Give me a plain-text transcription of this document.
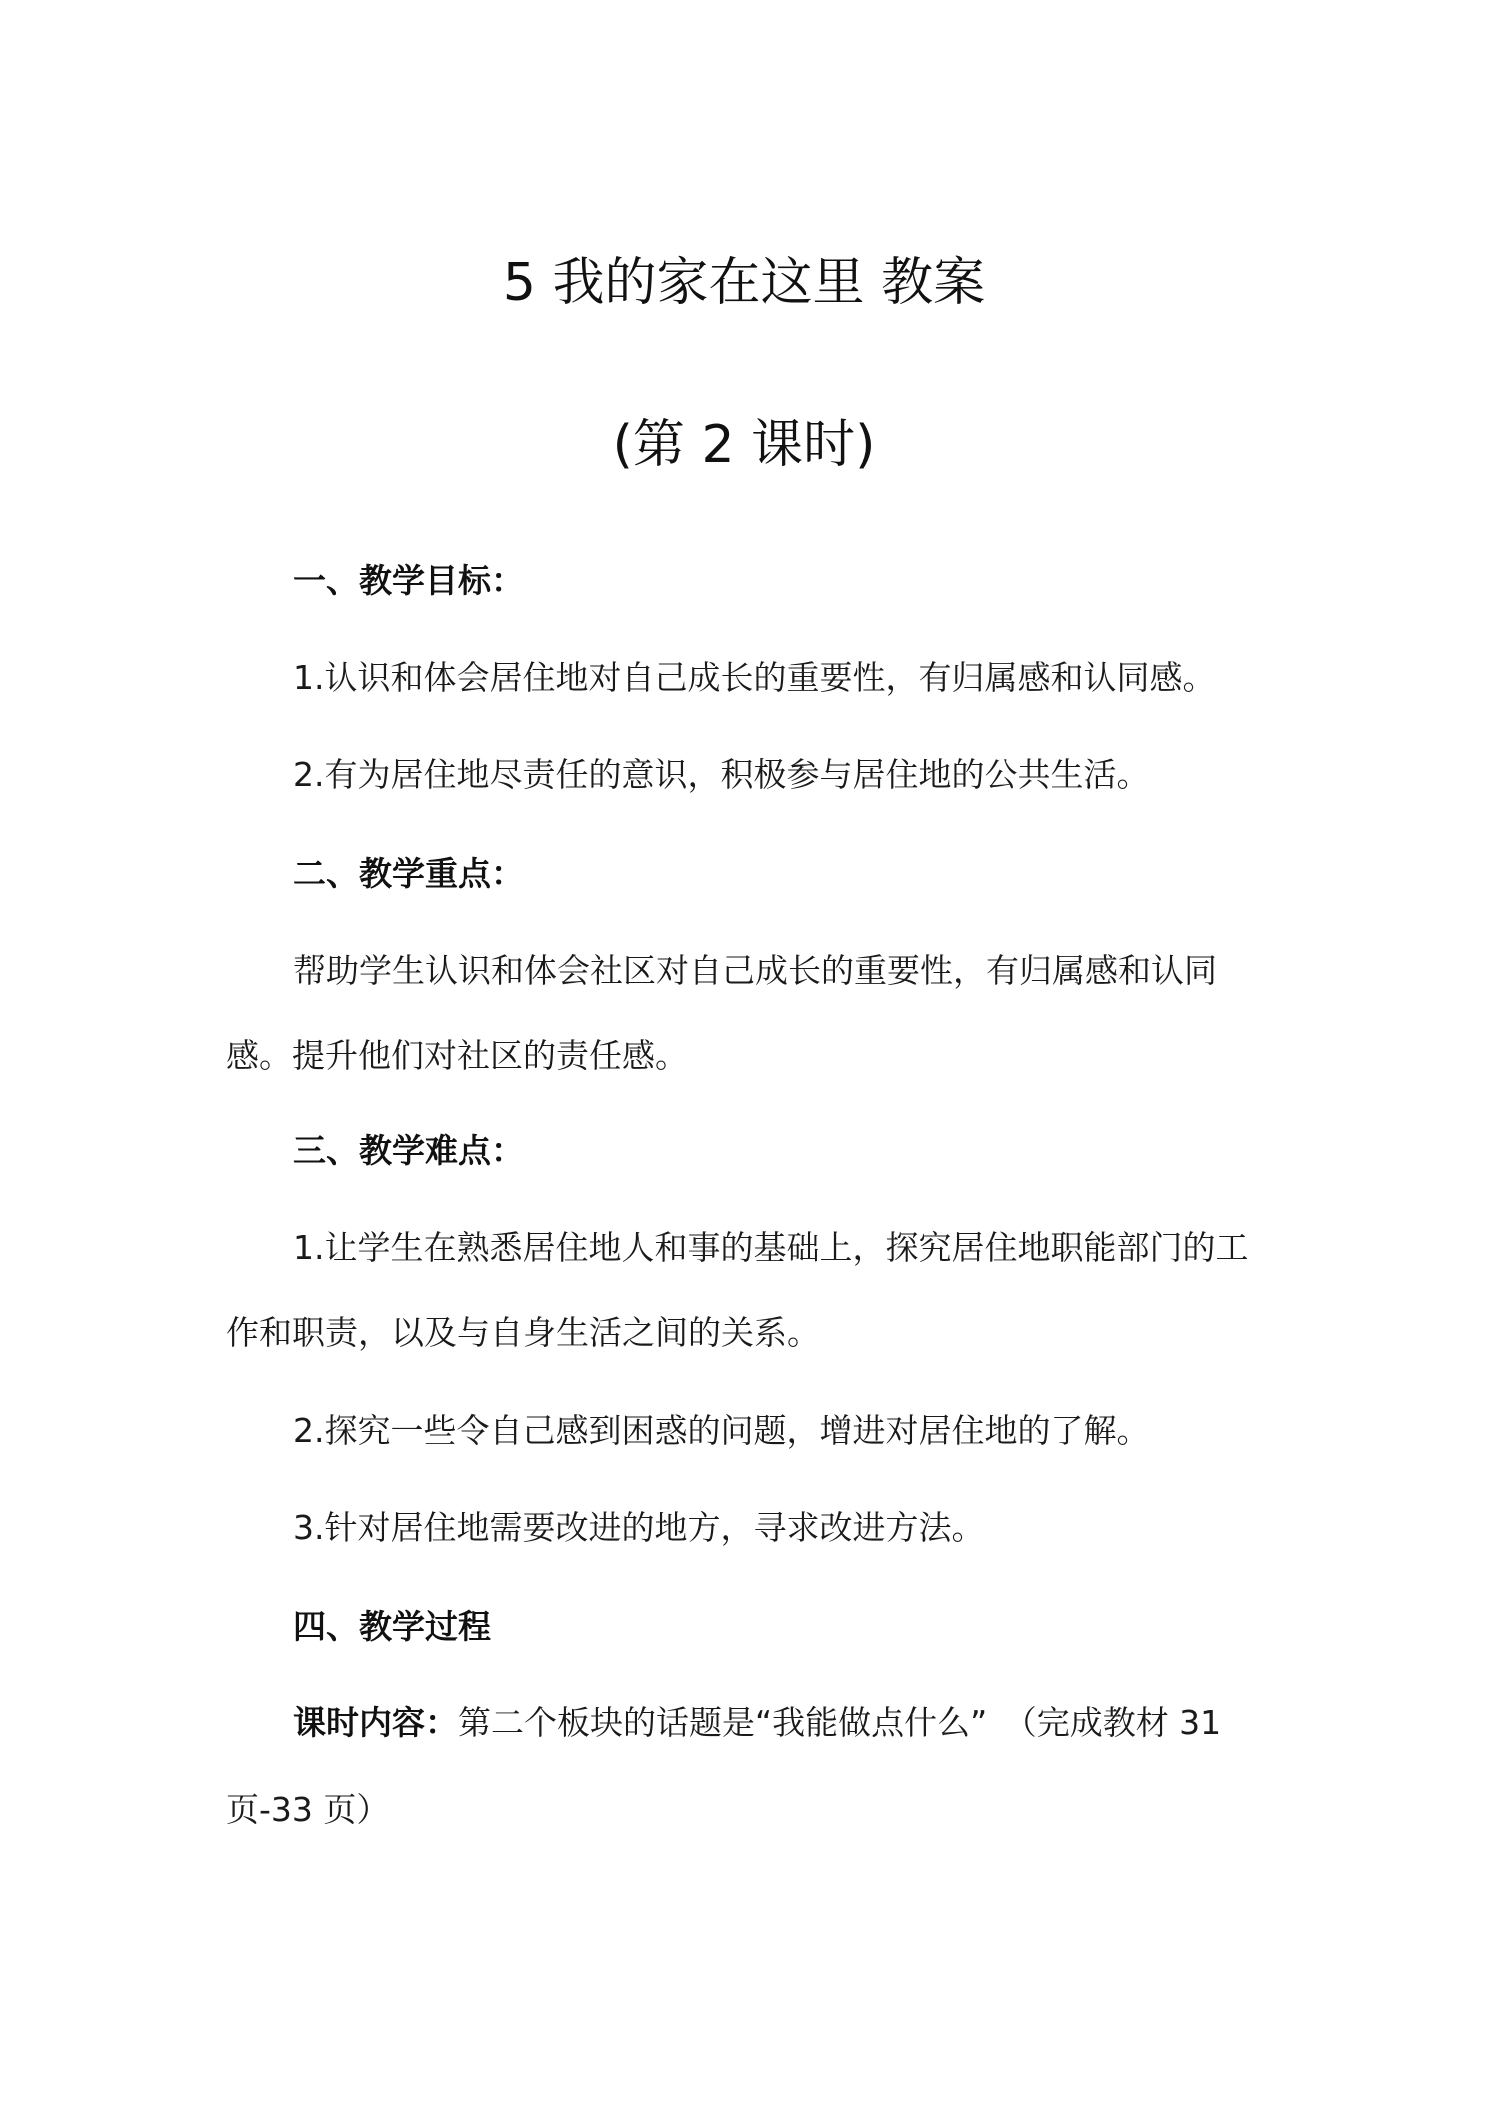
5 我的家在这里 教案
(第 2 课时)
一、教学目标：
1.认识和体会居住地对自己成长的重要性，有归属感和认同感。
2.有为居住地尽责任的意识，积极参与居住地的公共生活。
二、教学重点：
帮助学生认识和体会社区对自己成长的重要性，有归属感和认同
感。提升他们对社区的责任感。
三、教学难点：
1.让学生在熟悉居住地人和事的基础上，探究居住地职能部门的工
作和职责，以及与自身生活之间的关系。
2.探究一些令自己感到困惑的问题，增进对居住地的了解。
3.针对居住地需要改进的地方，寻求改进方法。
四、教学过程
课时内容：第二个板块的话题是“我能做点什么”　（完成教材 31
页-33 页）
